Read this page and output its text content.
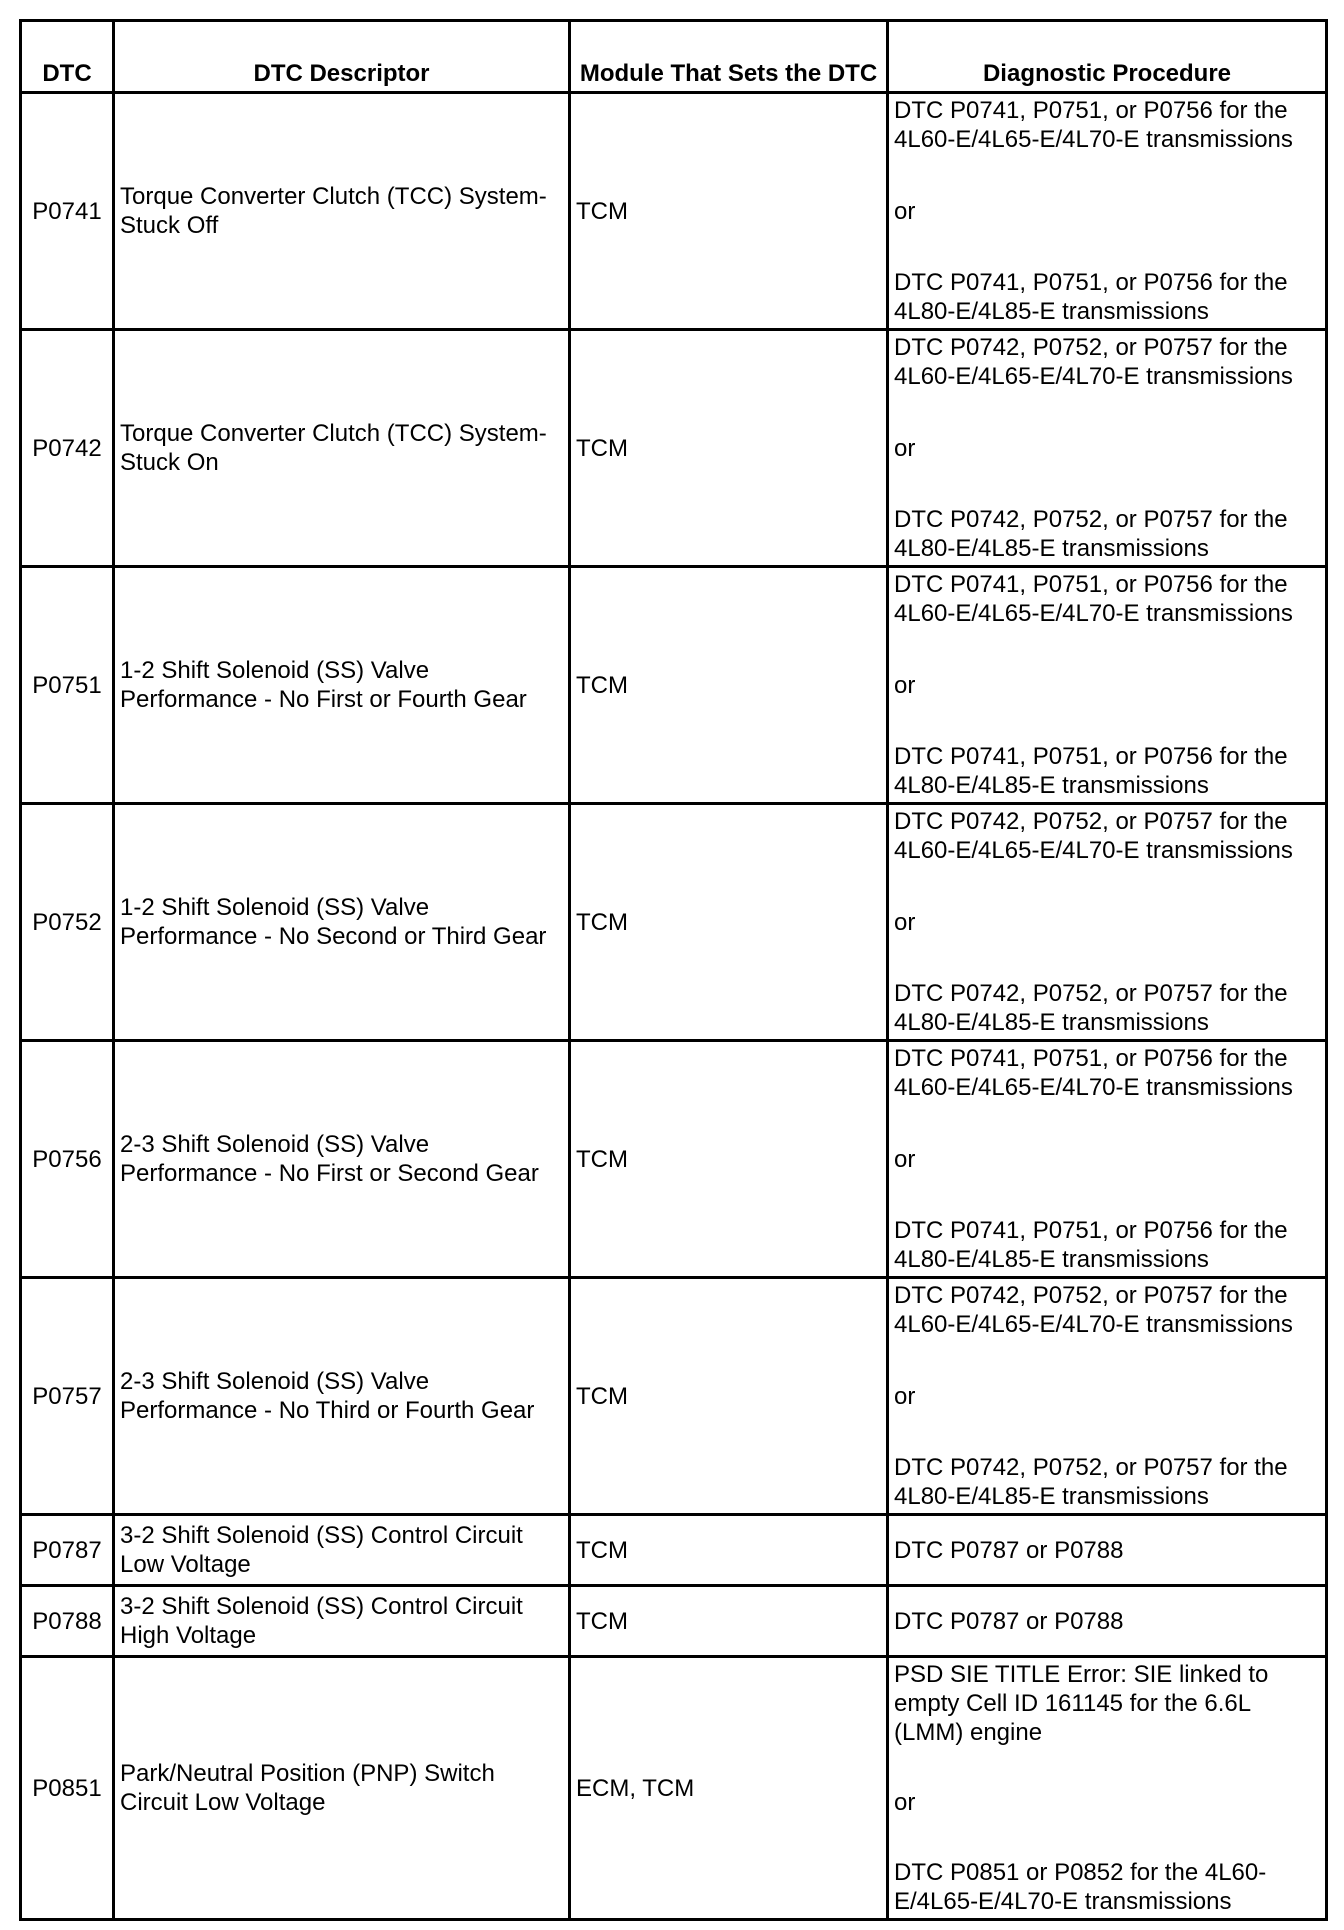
DTC	DTC Descriptor	Module That Sets the DTC	Diagnostic Procedure
P0741	Torque Converter Clutch (TCC) System-Stuck Off	TCM	DTC P0741, P0751, or P0756 for the 4L60-E/4L65-E/4L70-E transmissions
or
DTC P0741, P0751, or P0756 for the 4L80-E/4L85-E transmissions

P0742	Torque Converter Clutch (TCC) System-Stuck On	TCM	DTC P0742, P0752, or P0757 for the 4L60-E/4L65-E/4L70-E transmissions
or
DTC P0742, P0752, or P0757 for the 4L80-E/4L85-E transmissions

P0751	1-2 Shift Solenoid (SS) Valve Performance - No First or Fourth Gear	TCM	DTC P0741, P0751, or P0756 for the 4L60-E/4L65-E/4L70-E transmissions
or
DTC P0741, P0751, or P0756 for the 4L80-E/4L85-E transmissions

P0752	1-2 Shift Solenoid (SS) Valve Performance - No Second or Third Gear	TCM	DTC P0742, P0752, or P0757 for the 4L60-E/4L65-E/4L70-E transmissions
or
DTC P0742, P0752, or P0757 for the 4L80-E/4L85-E transmissions

P0756	2-3 Shift Solenoid (SS) Valve Performance - No First or Second Gear	TCM	DTC P0741, P0751, or P0756 for the 4L60-E/4L65-E/4L70-E transmissions
or
DTC P0741, P0751, or P0756 for the 4L80-E/4L85-E transmissions

P0757	2-3 Shift Solenoid (SS) Valve Performance - No Third or Fourth Gear	TCM	DTC P0742, P0752, or P0757 for the 4L60-E/4L65-E/4L70-E transmissions
or
DTC P0742, P0752, or P0757 for the 4L80-E/4L85-E transmissions

P0787	3-2 Shift Solenoid (SS) Control Circuit Low Voltage	TCM	DTC P0787 or P0788
P0788	3-2 Shift Solenoid (SS) Control Circuit High Voltage	TCM	DTC P0787 or P0788
P0851	Park/Neutral Position (PNP) Switch Circuit Low Voltage	ECM, TCM	PSD SIE TITLE Error: SIE linked to empty Cell ID 161145 for the 6.6L (LMM) engine
or
DTC P0851 or P0852 for the 4L60-E/4L65-E/4L70-E transmissions
